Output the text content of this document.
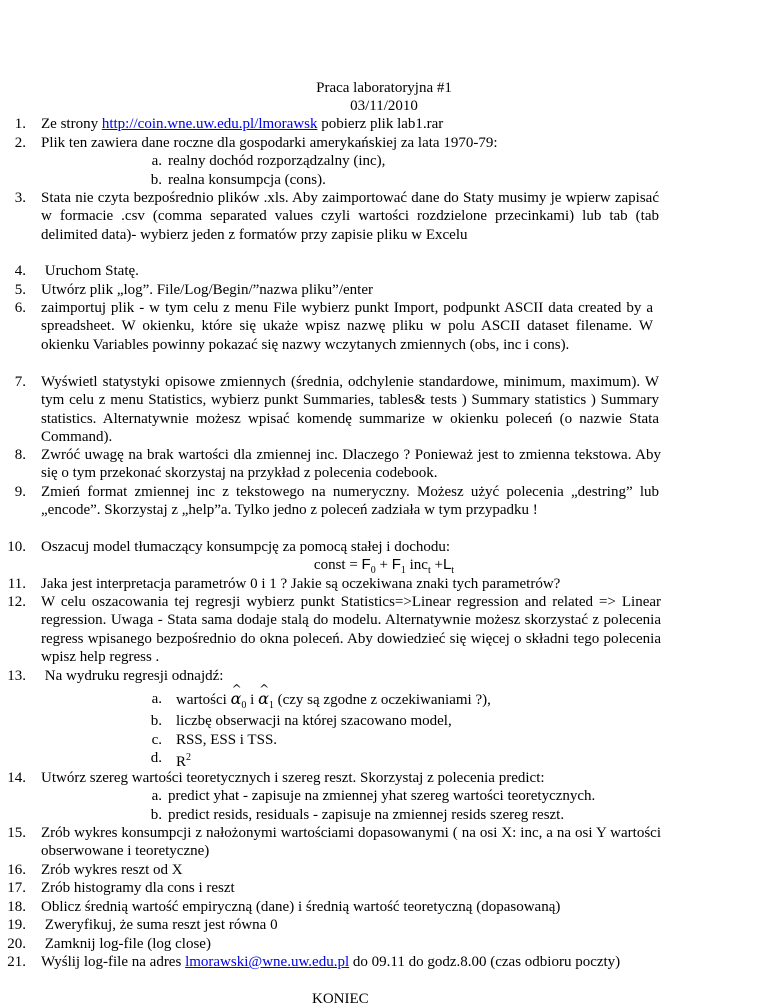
Praca laboratoryjna #1
03/11/2010
1. Ze strony http://coin.wne.uw.edu.pl/lmorawsk pobierz plik lab1.rar
2. Plik ten zawiera dane roczne dla gospodarki amerykańskiej za lata 1970-79:
a. realny dochód rozporządzalny (inc),
b. realna konsumpcja (cons).
3. Stata nie czyta bezpośrednio plików .xls. Aby zaimportować dane do Staty musimy je wpierw zapisać w formacie .csv (comma separated values czyli wartości rozdzielone przecinkami) lub tab (tab delimited data)- wybierz jeden z formatów przy zapisie pliku w Excelu
4. Uruchom Statę.
5. Utwórz plik „log”. File/Log/Begin/”nazwa pliku”/enter
6. zaimportuj plik - w tym celu z menu File wybierz punkt Import, podpunkt ASCII data created by a spreadsheet. W okienku, które się ukaże wpisz nazwę pliku w polu ASCII dataset filename. W okienku Variables powinny pokazać się nazwy wczytanych zmiennych (obs, inc i cons).
7. Wyświetl statystyki opisowe zmiennych (średnia, odchylenie standardowe, minimum, maximum). W tym celu z menu Statistics, wybierz punkt Summaries, tables& tests ) Summary statistics ) Summary statistics. Alternatywnie możesz wpisać komendę summarize w okienku poleceń (o nazwie Stata Command).
8. Zwróć uwagę na brak wartości dla zmiennej inc. Dlaczego ? Ponieważ jest to zmienna tekstowa. Aby się o tym przekonać skorzystaj na przykład z polecenia codebook.
9. Zmień format zmiennej inc z tekstowego na numeryczny. Możesz użyć polecenia „destring” lub „encode”. Skorzystaj z „help”a. Tylko jedno z poleceń zadziała w tym przypadku !
10. Oszacuj model tłumaczący konsumpcję za pomocą stałej i dochodu:
const = $F_0 + F_1$ $inc_t +L_t$
11. Jaka jest interpretacja parametrów 0 i 1 ? Jakie są oczekiwana znaki tych parametrów?
12. W celu oszacowania tej regresji wybierz punkt Statistics=>Linear regression and related => Linear regression. Uwaga - Stata sama dodaje stalą do modelu. Alternatywnie możesz skorzystać z polecenia regress wpisanego bezpośrednio do okna poleceń. Aby dowiedzieć się więcej o składni tego polecenia wpisz help regress .
13. Na wydruku regresji odnajdź:
a. wartości ^ $\alpha_0$ i ^ $\alpha_1$ (czy są zgodne z oczekiwaniami ?),
b. liczbę obserwacji na której szacowano model,
c. RSS, ESS i TSS.
d. $R^2$
14. Utwórz szereg wartości teoretycznych i szereg reszt. Skorzystaj z polecenia predict:
a. predict yhat - zapisuje na zmiennej yhat szereg wartości teoretycznych.
b. predict resids, residuals - zapisuje na zmiennej resids szereg reszt.
15. Zrób wykres konsumpcji z nałożonymi wartościami dopasowanymi ( na osi X: inc, a na osi Y wartości obserwowane i teoretyczne)
16. Zrób wykres reszt od X
17. Zrób histogramy dla cons i reszt
18. Oblicz średnią wartość empiryczną (dane) i średnią wartość teoretyczną (dopasowaną)
19. Zweryfikuj, że suma reszt jest równa 0
20. Zamknij log-file (log close)
21. Wyślij log-file na adres lmorawski@wne.uw.edu.pl do 09.11 do godz.8.00 (czas odbioru poczty)
KONIEC
